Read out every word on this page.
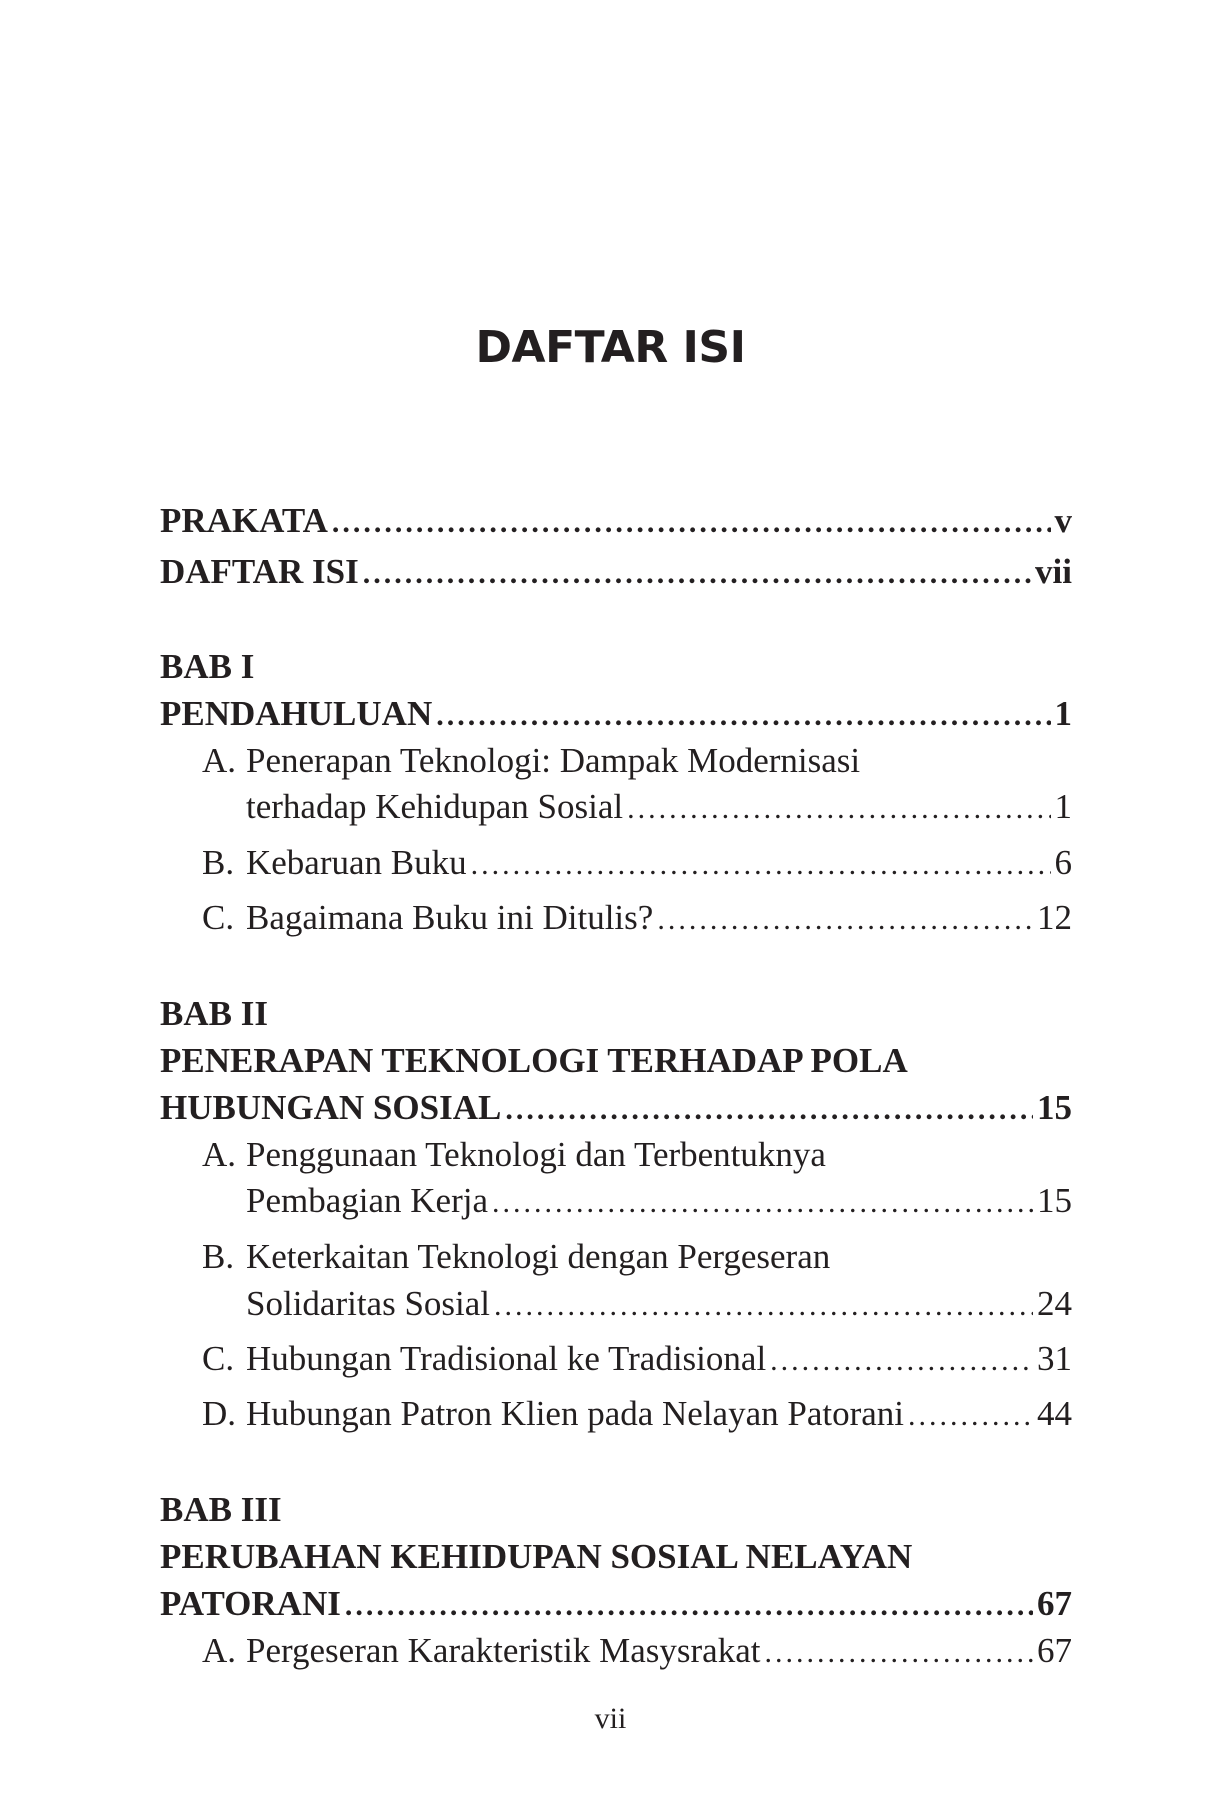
DAFTAR ISI
PRAKATA .....	v
DAFTAR ISI .....	vii
BAB I
PENDAHULUAN .....	1
A. Penerapan Teknologi: Dampak Modernisasi
terhadap Kehidupan Sosial .....	1
B. Kebaruan Buku .....	6
C. Bagaimana Buku ini Ditulis? .....	12
BAB II
PENERAPAN TEKNOLOGI TERHADAP POLA
HUBUNGAN SOSIAL .....	15
A. Penggunaan Teknologi dan Terbentuknya
Pembagian Kerja .....	15
B. Keterkaitan Teknologi dengan Pergeseran
Solidaritas Sosial .....	24
C. Hubungan Tradisional ke Tradisional .....	31
D. Hubungan Patron Klien pada Nelayan Patorani .....	44
BAB III
PERUBAHAN KEHIDUPAN SOSIAL NELAYAN
PATORANI .....	67
A. Pergeseran Karakteristik Masysrakat .....	67
vii
